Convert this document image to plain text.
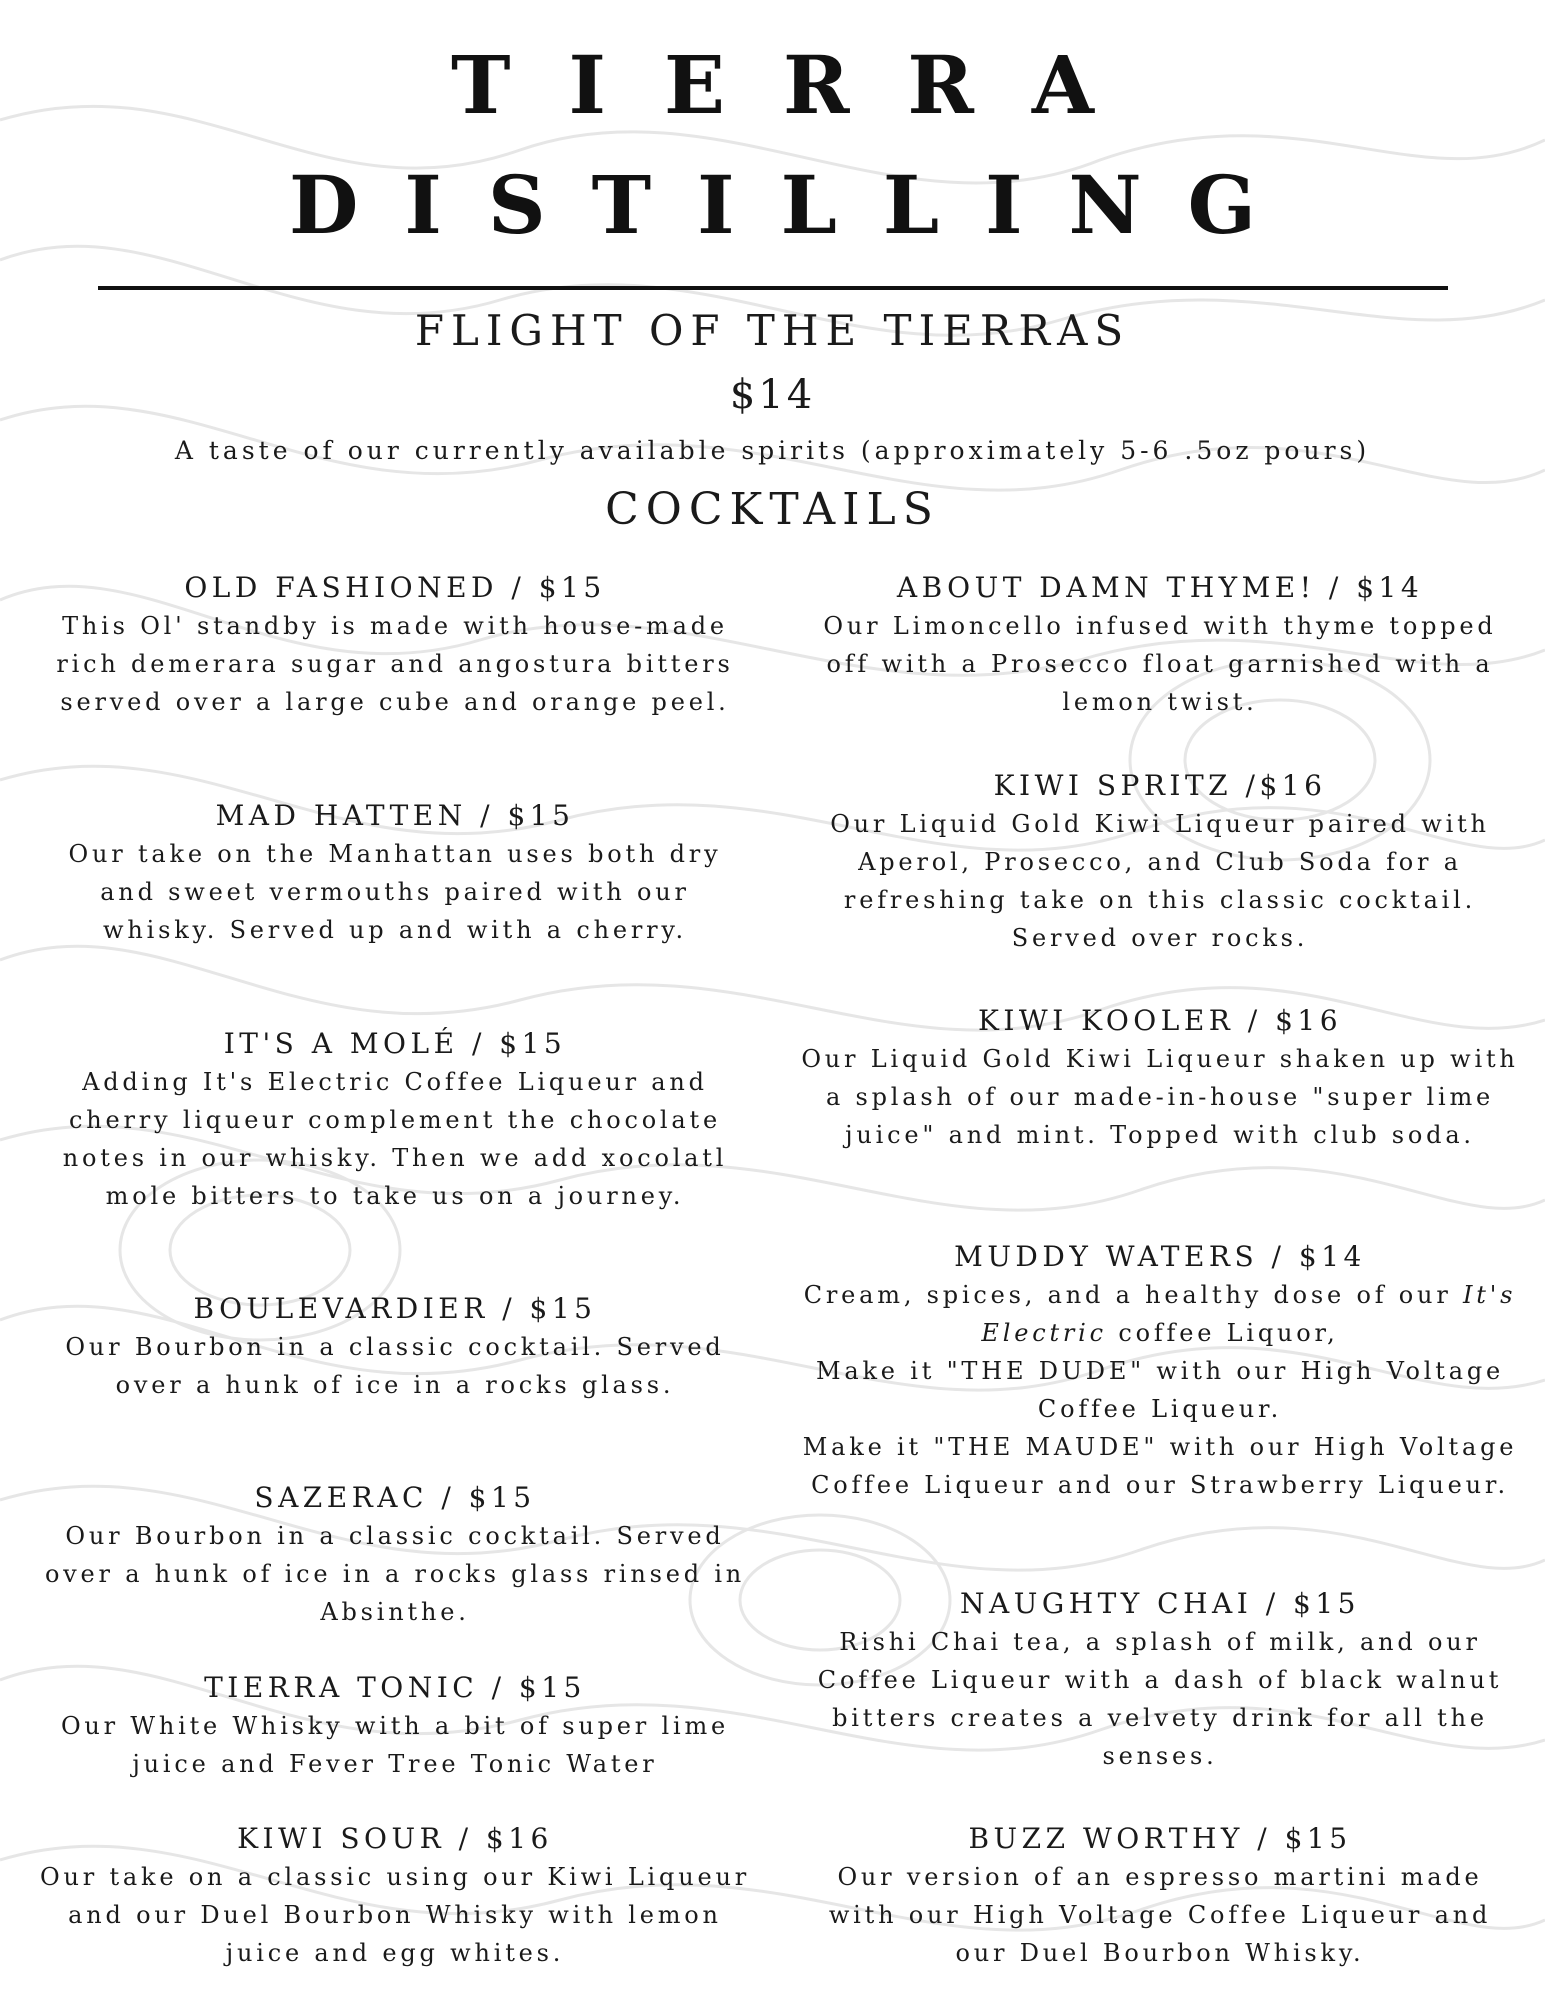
TIERRA
DISTILLING
FLIGHT OF THE TIERRAS
$14
A taste of our currently available spirits (approximately 5-6 .5oz pours)
COCKTAILS
OLD FASHIONED / $15
This Ol' standby is made with house-made rich demerara sugar and angostura bitters served over a large cube and orange peel.
MAD HATTEN / $15
Our take on the Manhattan uses both dry and sweet vermouths paired with our whisky. Served up and with a cherry.
IT'S A MOLÉ / $15
Adding It's Electric Coffee Liqueur and cherry liqueur complement the chocolate notes in our whisky. Then we add xocolatl mole bitters to take us on a journey.
BOULEVARDIER / $15
Our Bourbon in a classic cocktail. Served over a hunk of ice in a rocks glass.
SAZERAC / $15
Our Bourbon in a classic cocktail. Served over a hunk of ice in a rocks glass rinsed in Absinthe.
TIERRA TONIC / $15
Our White Whisky with a bit of super lime juice and Fever Tree Tonic Water
KIWI SOUR / $16
Our take on a classic using our Kiwi Liqueur and our Duel Bourbon Whisky with lemon juice and egg whites.
ABOUT DAMN THYME! / $14
Our Limoncello infused with thyme topped off with a Prosecco float garnished with a lemon twist.
KIWI SPRITZ /$16
Our Liquid Gold Kiwi Liqueur paired with Aperol, Prosecco, and Club Soda for a refreshing take on this classic cocktail. Served over rocks.
KIWI KOOLER / $16
Our Liquid Gold Kiwi Liqueur shaken up with a splash of our made-in-house "super lime juice" and mint. Topped with club soda.
MUDDY WATERS / $14

Cream, spices, and a healthy dose of our It's Electric coffee Liquor,

Make it "THE DUDE" with our High Voltage Coffee Liqueur.

Make it "THE MAUDE" with our High Voltage Coffee Liqueur and our Strawberry Liqueur.

NAUGHTY CHAI / $15
Rishi Chai tea, a splash of milk, and our Coffee Liqueur with a dash of black walnut bitters creates a velvety drink for all the senses.
BUZZ WORTHY / $15
Our version of an espresso martini made with our High Voltage Coffee Liqueur and our Duel Bourbon Whisky.
